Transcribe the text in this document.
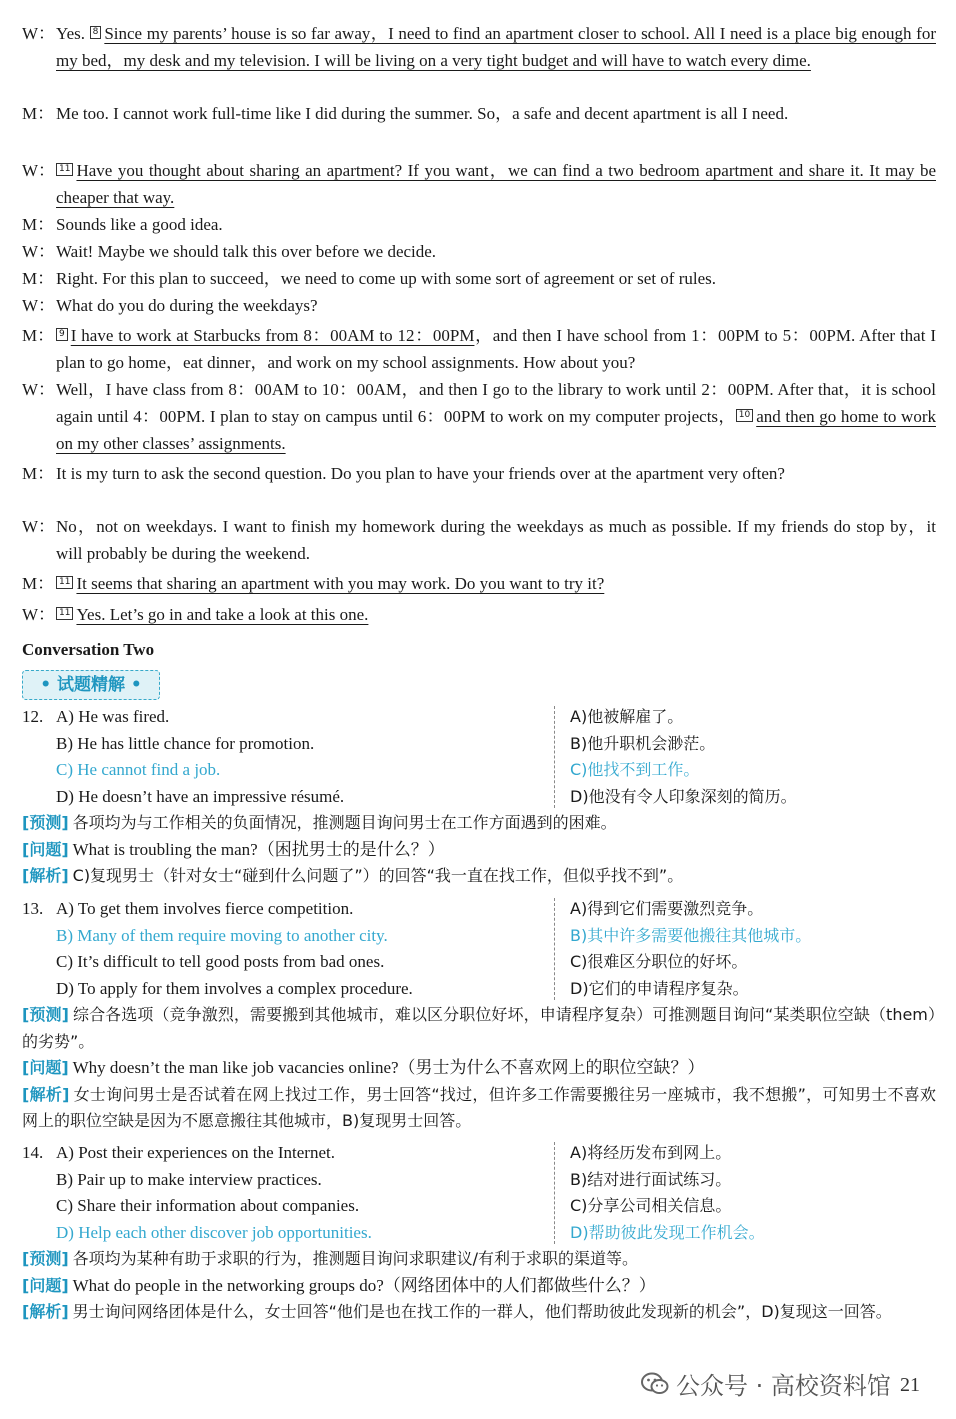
W： Yes. 8 Since my parents’ house is so far away，I need to find an apartment closer to school. All I need is a place big enough for my bed，my desk and my television. I will be living on a very tight budget and will have to watch every dime.
M： Me too. I cannot work full-time like I did during the summer. So，a safe and decent apartment is all I need.
W： 11 Have you thought about sharing an apartment? If you want，we can find a two bedroom apartment and share it. It may be cheaper that way.
M： Sounds like a good idea.
W： Wait! Maybe we should talk this over before we decide.
M： Right. For this plan to succeed，we need to come up with some sort of agreement or set of rules.
W： What do you do during the weekdays?
M： 9 I have to work at Starbucks from 8：00AM to 12：00PM，and then I have school from 1：00PM to 5：00PM. After that I plan to go home，eat dinner，and work on my school assignments. How about you?
W： Well，I have class from 8：00AM to 10：00AM，and then I go to the library to work until 2：00PM. After that，it is school again until 4：00PM. I plan to stay on campus until 6：00PM to work on my computer projects， 10 and then go home to work on my other classes’ assignments.
M： It is my turn to ask the second question. Do you plan to have your friends over at the apartment very often?
W： No，not on weekdays. I want to finish my homework during the weekdays as much as possible. If my friends do stop by，it will probably be during the weekend.
M： 11 It seems that sharing an apartment with you may work. Do you want to try it?
W： 11 Yes. Let’s go in and take a look at this one.
Conversation Two
• 试题精解 •
12. A) He was fired.	A)他被解雇了。
B) He has little chance for promotion.	B)他升职机会渺茫。
C) He cannot find a job.	C)他找不到工作。
D) He doesn’t have an impressive résumé.	D)他没有令人印象深刻的简历。
[预测] 各项均为与工作相关的负面情况，推测题目询问男士在工作方面遇到的困难。
[问题] What is troubling the man?（困扰男士的是什么？）
[解析] C)复现男士（针对女士“碰到什么问题了”）的回答“我一直在找工作，但似乎找不到”。
13. A) To get them involves fierce competition.	A)得到它们需要激烈竞争。
B) Many of them require moving to another city.	B)其中许多需要他搬往其他城市。
C) It’s difficult to tell good posts from bad ones.	C)很难区分职位的好坏。
D) To apply for them involves a complex procedure.	D)它们的申请程序复杂。
[预测] 综合各选项（竞争激烈，需要搬到其他城市，难以区分职位好坏，申请程序复杂）可推测题目询问“某类职位空缺（them）的劣势”。
[问题] Why doesn’t the man like job vacancies online?（男士为什么不喜欢网上的职位空缺？）
[解析] 女士询问男士是否试着在网上找过工作，男士回答“找过，但许多工作需要搬往另一座城市，我不想搬”，可知男士不喜欢网上的职位空缺是因为不愿意搬往其他城市，B)复现男士回答。
14. A) Post their experiences on the Internet.	A)将经历发布到网上。
B) Pair up to make interview practices.	B)结对进行面试练习。
C) Share their information about companies.	C)分享公司相关信息。
D) Help each other discover job opportunities.	D)帮助彼此发现工作机会。
[预测] 各项均为某种有助于求职的行为，推测题目询问求职建议/有利于求职的渠道等。
[问题] What do people in the networking groups do?（网络团体中的人们都做些什么？）
[解析] 男士询问网络团体是什么，女士回答“他们是也在找工作的一群人，他们帮助彼此发现新的机会”，D)复现这一回答。
公众号 · 高校资料馆 21
